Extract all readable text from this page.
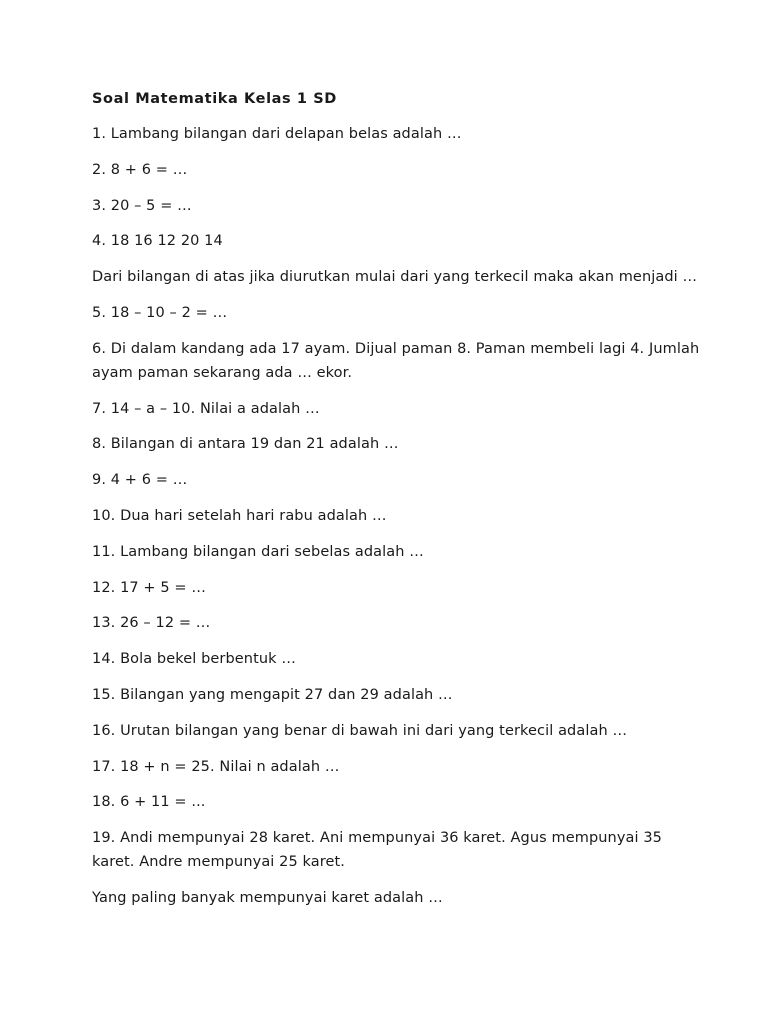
Soal Matematika Kelas 1 SD
1. Lambang bilangan dari delapan belas adalah …
2. 8 + 6 = …
3. 20 – 5 = …
4. 18 16 12 20 14
Dari bilangan di atas jika diurutkan mulai dari yang terkecil maka akan menjadi …
5. 18 – 10 – 2 = …
6. Di dalam kandang ada 17 ayam. Dijual paman 8. Paman membeli lagi 4. Jumlah ayam paman sekarang ada … ekor.
7. 14 – a – 10. Nilai a adalah …
8. Bilangan di antara 19 dan 21 adalah …
9. 4 + 6 = …
10. Dua hari setelah hari rabu adalah …
11. Lambang bilangan dari sebelas adalah …
12. 17 + 5 = …
13. 26 – 12 = …
14. Bola bekel berbentuk …
15. Bilangan yang mengapit 27 dan 29 adalah …
16. Urutan bilangan yang benar di bawah ini dari yang terkecil adalah …
17. 18 + n = 25. Nilai n adalah …
18. 6 + 11 = ...
19. Andi mempunyai 28 karet. Ani mempunyai 36 karet. Agus mempunyai 35 karet. Andre mempunyai 25 karet.
Yang paling banyak mempunyai karet adalah …
